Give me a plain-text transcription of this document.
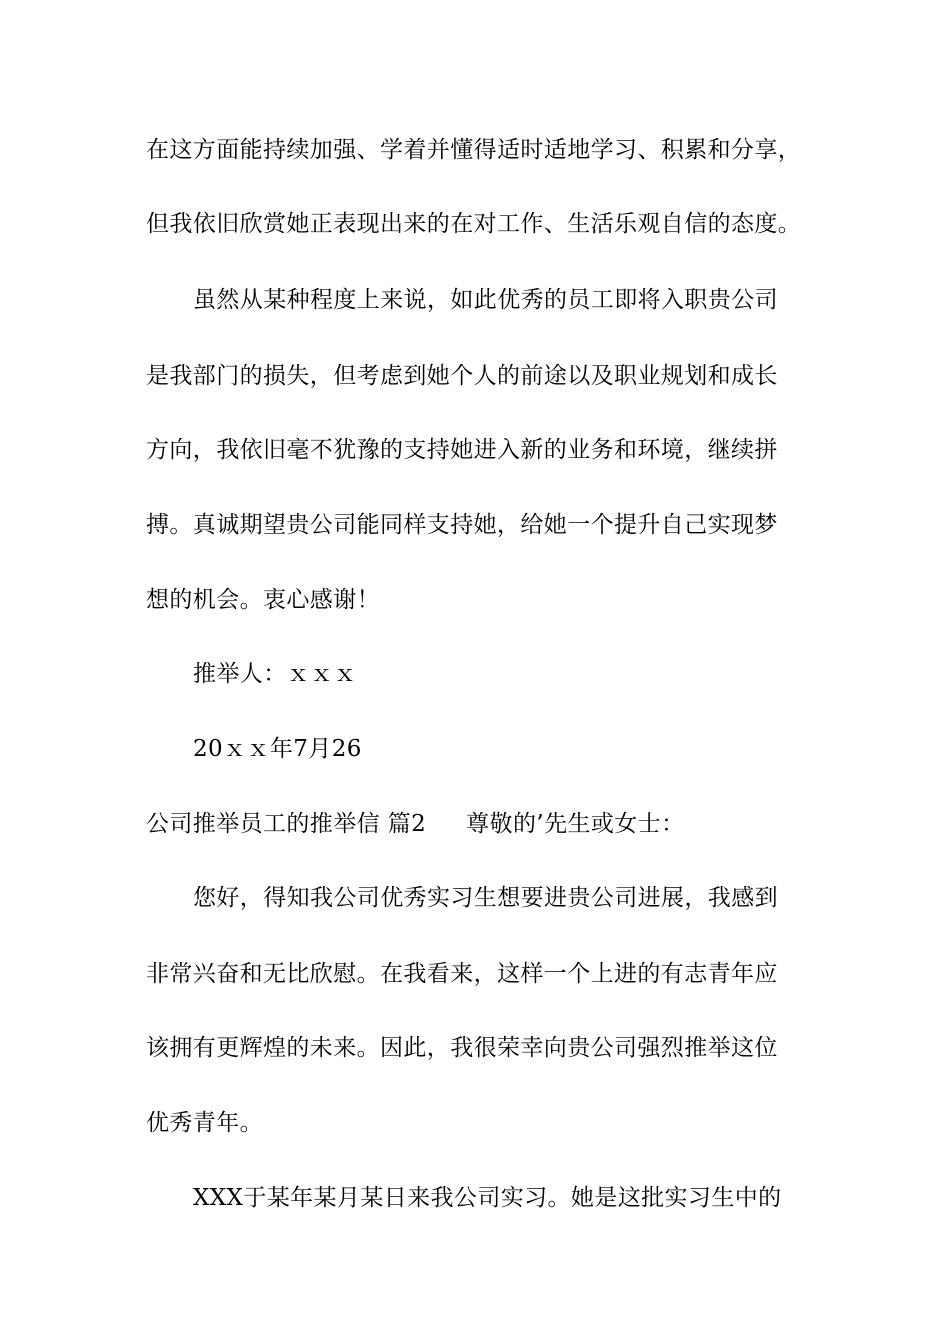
在这方面能持续加强、学着并懂得适时适地学习、积累和分享，
但我依旧欣赏她正表现出来的在对工作、生活乐观自信的态度。
虽然从某种程度上来说，如此优秀的员工即将入职贵公司
是我部门的损失，但考虑到她个人的前途以及职业规划和成长
方向，我依旧毫不犹豫的支持她进入新的业务和环境，继续拼
搏。真诚期望贵公司能同样支持她，给她一个提升自己实现梦
想的机会。衷心感谢！
推举人：ｘｘｘ
20ｘｘ年7月26
公司推举员工的推举信 篇2 尊敬的’先生或女士：
您好，得知我公司优秀实习生想要进贵公司进展，我感到
非常兴奋和无比欣慰。在我看来，这样一个上进的有志青年应
该拥有更辉煌的未来。因此，我很荣幸向贵公司强烈推举这位
优秀青年。
XXX于某年某月某日来我公司实习。她是这批实习生中的
